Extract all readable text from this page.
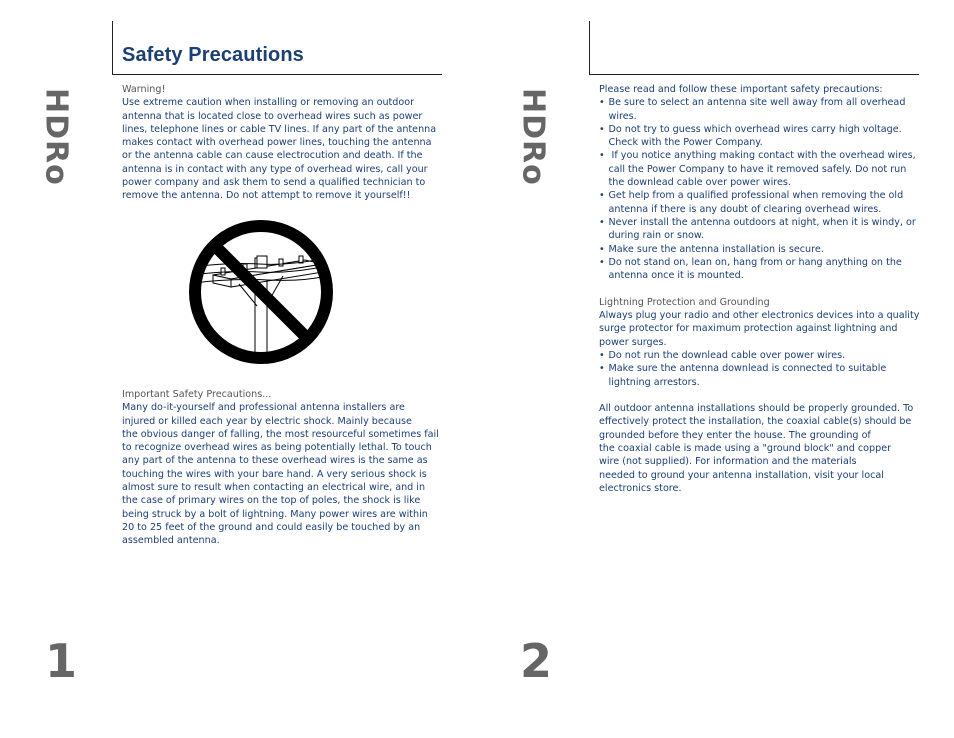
HDRo
Safety Precautions

Warning!

Use extreme caution when installing or removing an outdoor

antenna that is located close to overhead wires such as power

lines, telephone lines or cable TV lines. If any part of the antenna

makes contact with overhead power lines, touching the antenna

or the antenna cable can cause electrocution and death. If the

antenna is in contact with any type of overhead wires, call your

power company and ask them to send a qualified technician to

remove the antenna. Do not attempt to remove it yourself!!

Important Safety Precautions...

Many do-it-yourself and professional antenna installers are

injured or killed each year by electric shock. Mainly because

the obvious danger of falling, the most resourceful sometimes fail

to recognize overhead wires as being potentially lethal. To touch

any part of the antenna to these overhead wires is the same as

touching the wires with your bare hand. A very serious shock is

almost sure to result when contacting an electrical wire, and in

the case of primary wires on the top of poles, the shock is like

being struck by a bolt of lightning. Many power wires are within

20 to 25 feet of the ground and could easily be touched by an

assembled antenna.

1
HDRo	Please read and follow these important safety precautions:

• Be sure to select an antenna site well away from all overhead wires.

• Do not try to guess which overhead wires carry high voltage.

Check with the Power Company.

•  If you notice anything making contact with the overhead wires,

call the Power Company to have it removed safely. Do not run

the downlead cable over power wires.

• Get help from a qualified professional when removing the old

antenna if there is any doubt of clearing overhead wires.

• Never install the antenna outdoors at night, when it is windy, or

during rain or snow.

• Make sure the antenna installation is secure.

• Do not stand on, lean on, hang from or hang anything on the

antenna once it is mounted.

Lightning Protection and Grounding

Always plug your radio and other electronics devices into a quality

surge protector for maximum protection against lightning and

power surges.

• Do not run the downlead cable over power wires.

• Make sure the antenna downlead is connected to suitable

lightning arrestors.

All outdoor antenna installations should be properly grounded. To

effectively protect the installation, the coaxial cable(s) should be

grounded before they enter the house. The grounding of

the coaxial cable is made using a "ground block" and copper

wire (not supplied). For information and the materials

needed to ground your antenna installation, visit your local

electronics store.

2
